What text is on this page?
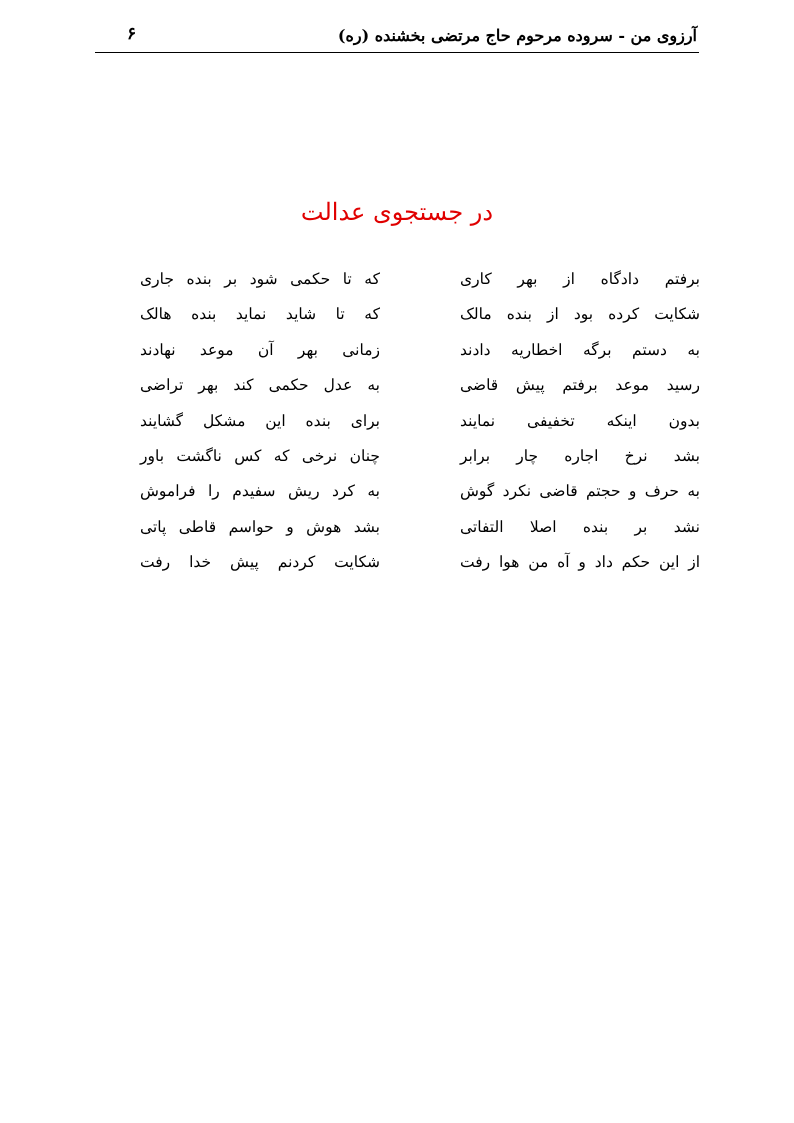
آرزوی من - سروده مرحوم حاج مرتضی بخشنده (ره)
۶
در جستجوی عدالت
برفتم دادگاه از بهر کاری
که تا حکمی شود بر بنده جاری
شکایت کرده بود از بنده مالک
که تا شاید نماید بنده هالک
به دستم برگه اخطاریه دادند
زمانی بهر آن موعد نهادند
رسید موعد برفتم پیش قاضی
به عدل حکمی کند بهر تراضی
بدون اینکه تخفیفی نمایند
برای بنده این مشکل گشایند
بشد نرخ اجاره چار برابر
چنان نرخی که کس ناگشت باور
به حرف و حجتم قاضی نکرد گوش
به کرد ریش سفیدم را فراموش
نشد بر بنده اصلا التفاتی
بشد هوش و حواسم قاطی پاتی
از این حکم داد و آه من هوا رفت
شکایت کردنم پیش خدا رفت
